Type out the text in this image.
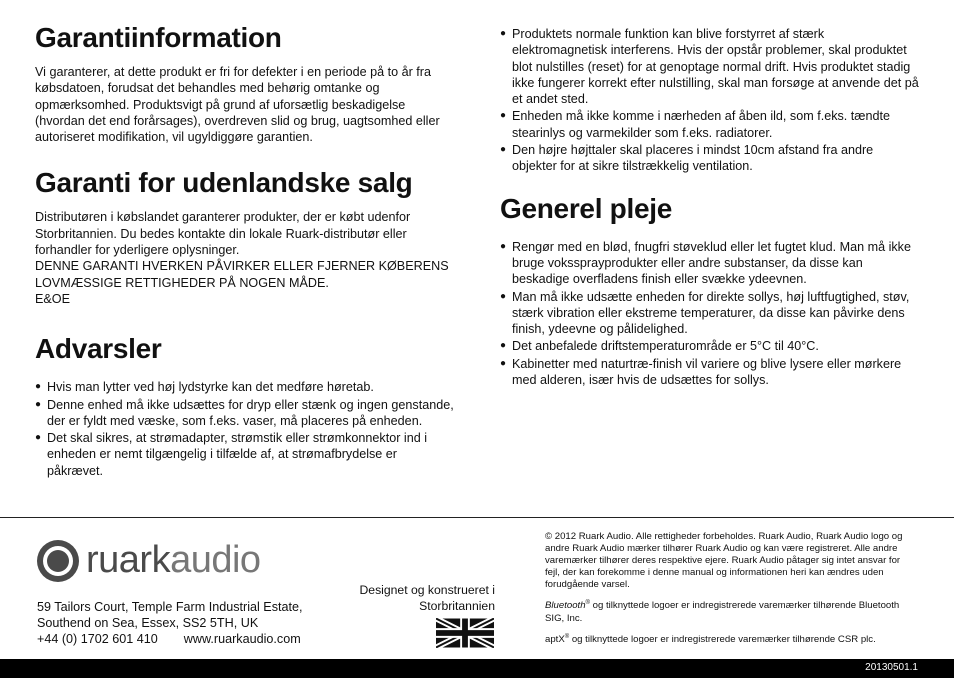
Garantiinformation

Vi garanterer, at dette produkt er fri for defekter i en periode på to år fra købsdatoen, forudsat det behandles med behørig omtanke og opmærksomhed. Produktsvigt på grund af uforsætlig beskadigelse (hvordan det end forårsages), overdreven slid og brug, uagtsomhed eller autoriseret modifikation, vil ugyldiggøre garantien.

Garanti for udenlandske salg

Distributøren i købslandet garanterer produkter, der er købt udenfor Storbritannien. Du bedes kontakte din lokale Ruark-distributør eller forhandler for yderligere oplysninger.

DENNE GARANTI HVERKEN PÅVIRKER ELLER FJERNER KØBERENS LOVMÆSSIGE RETTIGHEDER PÅ NOGEN MÅDE.

E&OE

Advarsler
● Hvis man lytter ved høj lydstyrke kan det medføre høretab.
● Denne enhed må ikke udsættes for dryp eller stænk og ingen genstande, der er fyldt med væske, som f.eks. vaser, må placeres på enheden.
● Det skal sikres, at strømadapter, strømstik eller strømkonnektor ind i enheden er nemt tilgængelig i tilfælde af, at strømafbrydelse er påkrævet.
● Produktets normale funktion kan blive forstyrret af stærk elektromagnetisk interferens. Hvis der opstår problemer, skal produktet blot nulstilles (reset) for at genoptage normal drift. Hvis produktet stadig ikke fungerer korrekt efter nulstilling, skal man forsøge at anvende det på et andet sted.
● Enheden må ikke komme i nærheden af åben ild, som f.eks. tændte stearinlys og varmekilder som f.eks. radiatorer.
● Den højre højttaler skal placeres i mindst 10cm afstand fra andre objekter for at sikre tilstrækkelig ventilation.
Generel pleje
● Rengør med en blød, fnugfri støveklud eller let fugtet klud. Man må ikke bruge vokssprayprodukter eller andre substanser, da disse kan beskadige overfladens finish eller svække ydeevnen.
● Man må ikke udsætte enheden for direkte sollys, høj luftfugtighed, støv, stærk vibration eller ekstreme temperaturer, da disse kan påvirke dens finish, ydeevne og pålidelighed.
● Det anbefalede driftstemperaturområde er 5°C til 40°C.
● Kabinetter med naturtræ-finish vil variere og blive lysere eller mørkere med alderen, især hvis de udsættes for sollys.
ruarkaudio
59 Tailors Court, Temple Farm Industrial Estate,
Southend on Sea, Essex, SS2 5TH, UK
+44 (0) 1702 601 410 www.ruarkaudio.com
Designet og konstrueret i
Storbritannien

© 2012 Ruark Audio. Alle rettigheder forbeholdes. Ruark Audio, Ruark Audio logo og andre Ruark Audio mærker tilhører Ruark Audio og kan være registreret. Alle andre varemærker tilhører deres respektive ejere. Ruark Audio påtager sig intet ansvar for fejl, der kan forekomme i denne manual og informationen heri kan ændres uden forudgående varsel.

Bluetooth® og tilknyttede logoer er indregistrerede varemærker tilhørende Bluetooth SIG, Inc.

aptX® og tilknyttede logoer er indregistrerede varemærker tilhørende CSR plc.

20130501.1
